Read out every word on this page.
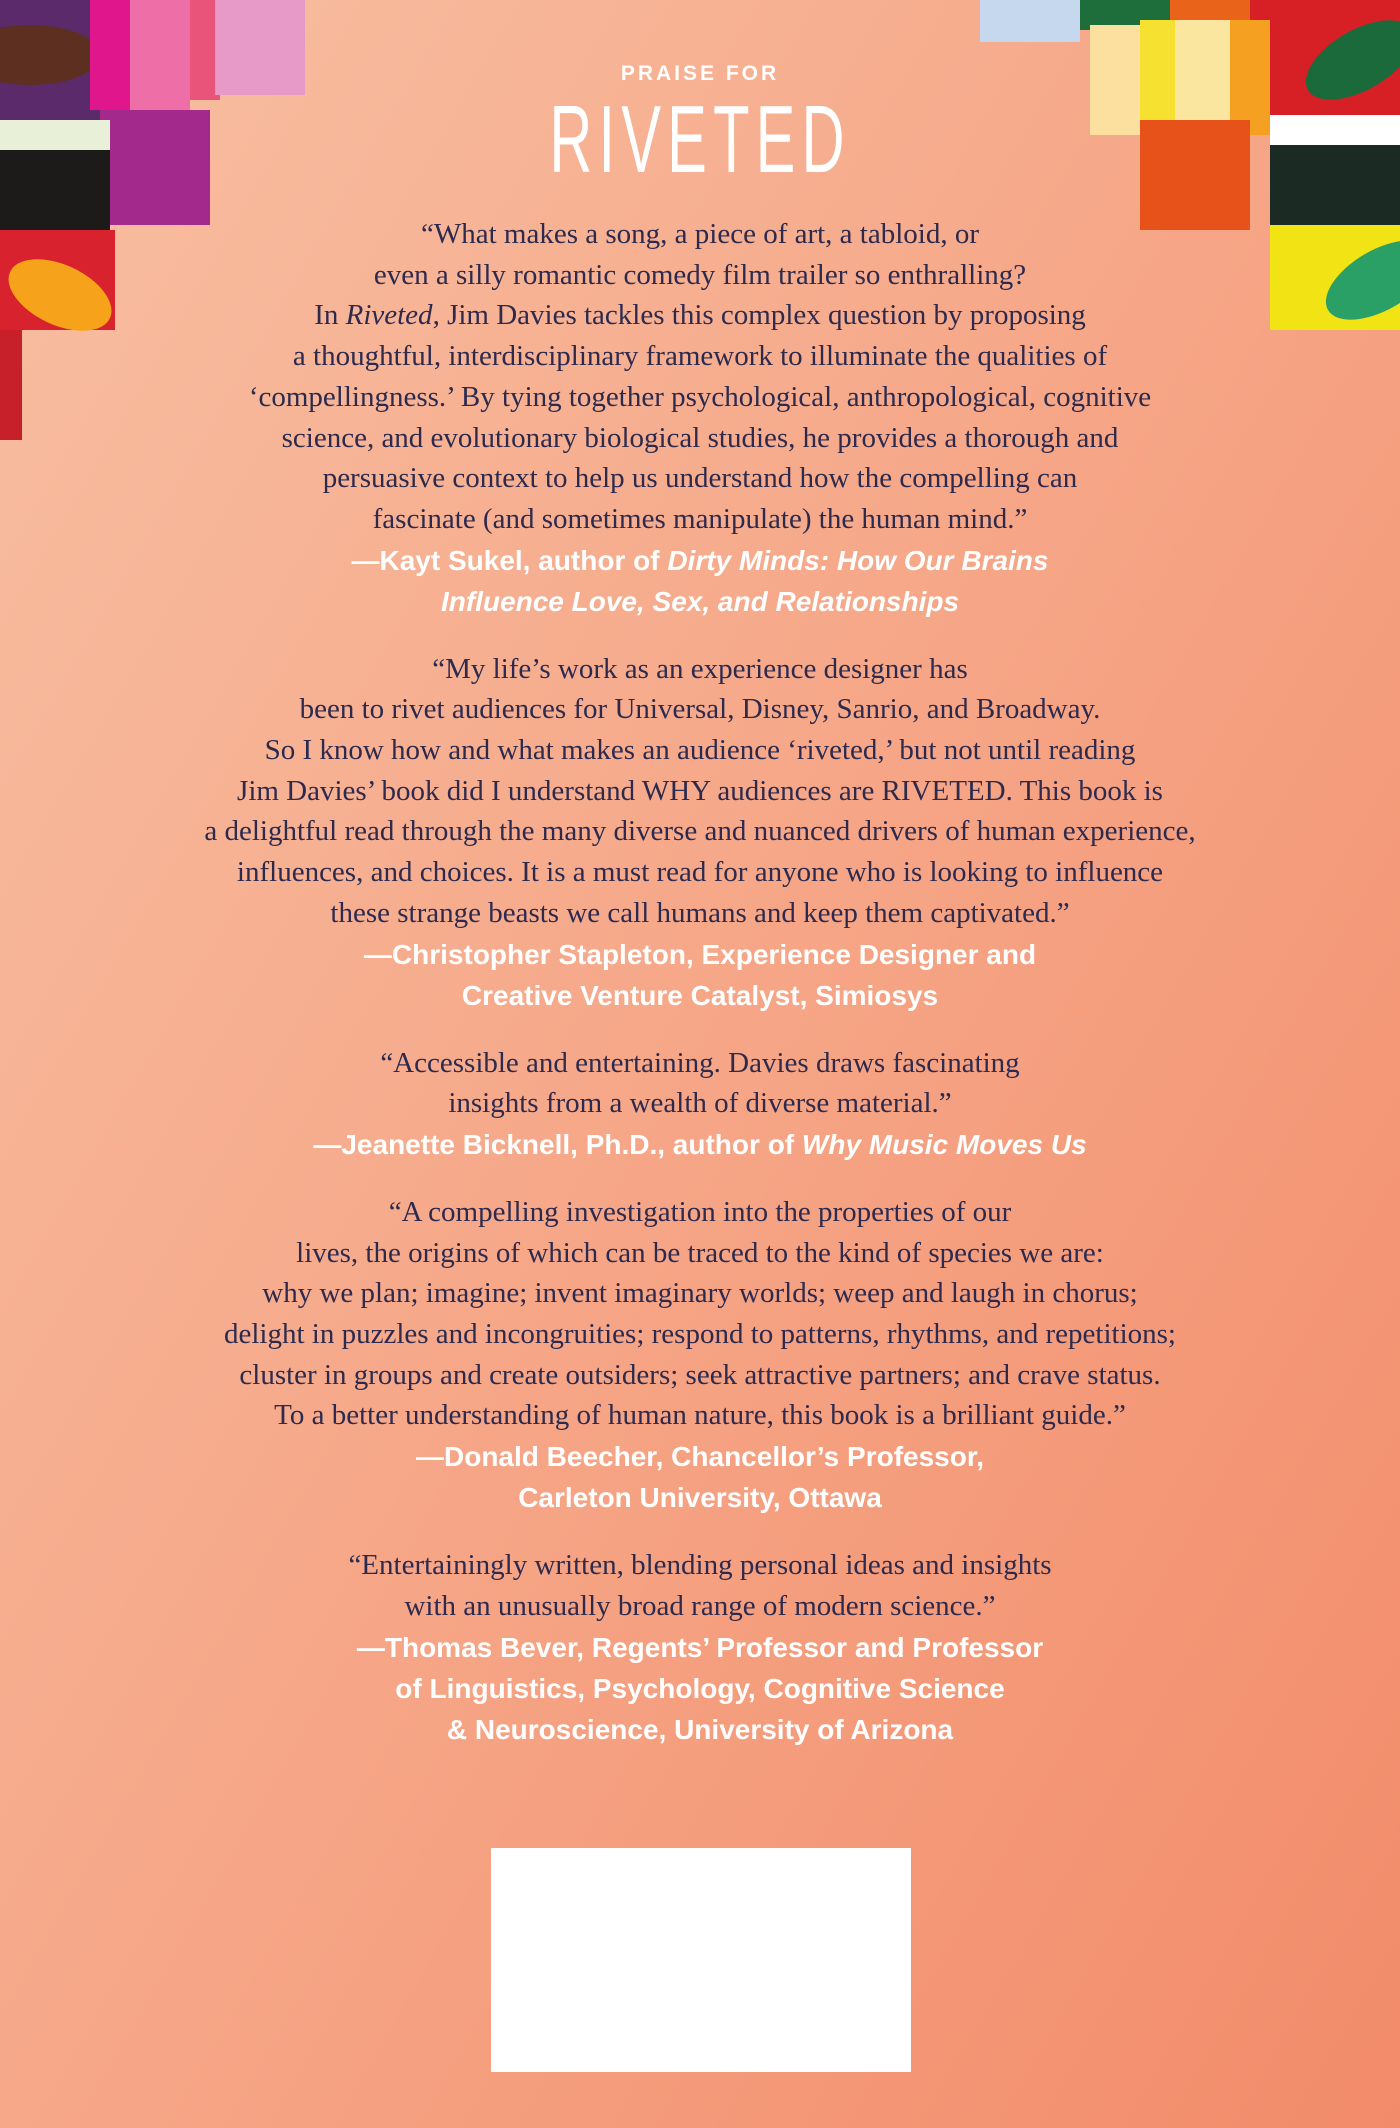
PRAISE FOR
RIVETED

“What makes a song, a piece of art, a tabloid, or
even a silly romantic comedy film trailer so enthralling?
In Riveted, Jim Davies tackles this complex question by proposing
a thoughtful, interdisciplinary framework to illuminate the qualities of
‘compellingness.’ By tying together psychological, anthropological, cognitive
science, and evolutionary biological studies, he provides a thorough and
persuasive context to help us understand how the compelling can
fascinate (and sometimes manipulate) the human mind.”

—Kayt Sukel, author of Dirty Minds: How Our Brains
Influence Love, Sex, and Relationships

“My life’s work as an experience designer has
been to rivet audiences for Universal, Disney, Sanrio, and Broadway.
So I know how and what makes an audience ‘riveted,’ but not until reading
Jim Davies’ book did I understand WHY audiences are RIVETED. This book is
a delightful read through the many diverse and nuanced drivers of human experience,
influences, and choices. It is a must read for anyone who is looking to influence
these strange beasts we call humans and keep them captivated.”

—Christopher Stapleton, Experience Designer and
Creative Venture Catalyst, Simiosys

“Accessible and entertaining. Davies draws fascinating
insights from a wealth of diverse material.”

—Jeanette Bicknell, Ph.D., author of Why Music Moves Us

“A compelling investigation into the properties of our
lives, the origins of which can be traced to the kind of species we are:
why we plan; imagine; invent imaginary worlds; weep and laugh in chorus;
delight in puzzles and incongruities; respond to patterns, rhythms, and repetitions;
cluster in groups and create outsiders; seek attractive partners; and crave status.
To a better understanding of human nature, this book is a brilliant guide.”

—Donald Beecher, Chancellor’s Professor,
Carleton University, Ottawa

“Entertainingly written, blending personal ideas and insights
with an unusually broad range of modern science.”

—Thomas Bever, Regents’ Professor and Professor
of Linguistics, Psychology, Cognitive Science
& Neuroscience, University of Arizona
